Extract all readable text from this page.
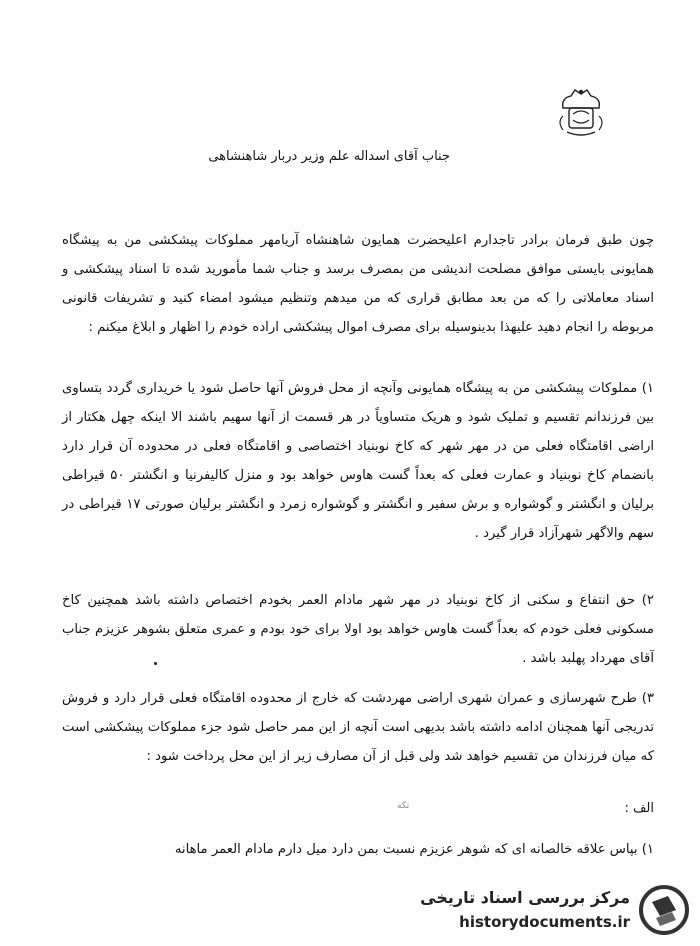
جناب آقای اسداله علم وزیر دربار شاهنشاهی

چون طبق فرمان برادر تاجدارم اعلیحضرت همایون شاهنشاه آریامهر مملوکات پیشکشی من به پیشگاه همایونی بایستی موافق مصلحت اندیشی من بمصرف برسد و جناب شما مأمورید شده تا اسناد پیشکشی و اسناد معاملاتی را که من بعد مطابق قراری که من میدهم وتنظیم میشود امضاء کنید و تشریفات قانونی مربوطه را انجام دهید علیهذا بدینوسیله برای مصرف اموال پیشکشی اراده خودم را اظهار و ابلاغ میکنم :

۱) مملوکات پیشکشی من به پیشگاه همایونی وآنچه از محل فروش آنها حاصل شود یا خریداری گردد بتساوی بین فرزندانم تقسیم و تملیک شود و هریک متساویاً در هر قسمت از آنها سهیم باشند الا اینکه چهل هکتار از اراضی اقامتگاه فعلی من در مهر شهر که کاخ نوبنیاد اختصاصی و اقامتگاه فعلی در محدوده آن قرار دارد بانضمام کاخ نوبنیاد و عمارت فعلی که بعداً گست هاوس خواهد بود و منزل کالیفرنیا و انگشتر ۵۰ قیراطی برلیان و انگشتر و گوشواره و برش سفیر و انگشتر و گوشواره زمرد و انگشتر برلیان صورتی ۱۷ قیراطی در سهم والاگهر شهرآزاد قرار گیرد .

۲) حق انتفاع و سکنی از کاخ نوبنیاد در مهر شهر مادام العمر بخودم اختصاص داشته باشد همچنین کاخ مسکونی فعلی خودم که بعداً گست هاوس خواهد بود اولا برای خود بودم و عمری متعلق بشوهر عزیزم جناب آقای مهرداد پهلبد باشد .

۳) طرح شهرسازی و عمران شهری اراضی مهردشت که خارج از محدوده اقامتگاه فعلی قرار دارد و فروش تدریجی آنها همچنان ادامه داشته باشد بدیهی است آنچه از این ممر حاصل شود جزء مملوکات پیشکشی است که میان فرزندان من تقسیم خواهد شد ولی قبل از آن مصارف زیر از این محل پرداخت شود :

الف :
تكه
۱) بپاس علاقه خالصانه ای که شوهر عزیزم نسبت بمن دارد میل دارم مادام العمر ماهانه
مرکز بررسی اسناد تاریخی
historydocuments.ir
